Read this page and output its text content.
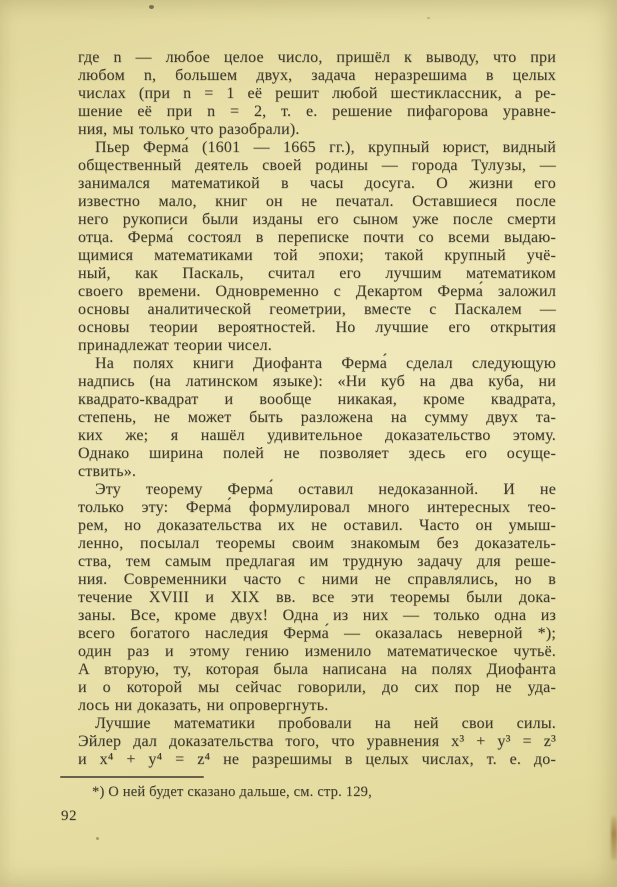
где n — любое целое число, пришёл к выводу, что при
любом n, большем двух, задача неразрешима в целых
числах (при n = 1 её решит любой шестиклассник, а ре-
шение её при n = 2, т. е. решение пифагорова уравне-
ния, мы только что разобрали).
Пьер Ферма́ (1601 — 1665 гг.), крупный юрист, видный
общественный деятель своей родины — города Тулузы, —
занимался математикой в часы досуга. О жизни его
известно мало, книг он не печатал. Оставшиеся после
него рукописи были изданы его сыном уже после смерти
отца. Ферма́ состоял в переписке почти со всеми выдаю-
щимися математиками той эпохи; такой крупный учё-
ный, как Паскаль, считал его лучшим математиком
своего времени. Одновременно с Декартом Ферма́ заложил
основы аналитической геометрии, вместе с Паскалем —
основы теории вероятностей. Но лучшие его открытия
принадлежат теории чисел.
На полях книги Диофанта Ферма́ сделал следующую
надпись (на латинском языке): «Ни куб на два куба, ни
квадрато-квадрат и вообще никакая, кроме квадрата,
степень, не может быть разложена на сумму двух та-
ких же; я нашёл удивительное доказательство этому.
Однако ширина полей не позволяет здесь его осуще-
ствить».
Эту теорему Ферма́ оставил недоказанной. И не
только эту: Ферма́ формулировал много интересных тео-
рем, но доказательства их не оставил. Часто он умыш-
ленно, посылал теоремы своим знакомым без доказатель-
ства, тем самым предлагая им трудную задачу для реше-
ния. Современники часто с ними не справлялись, но в
течение XVIII и XIX вв. все эти теоремы были дока-
заны. Все, кроме двух! Одна из них — только одна из
всего богатого наследия Ферма́ — оказалась неверной *);
один раз и этому гению изменило математическое чутьё.
А вторую, ту, которая была написана на полях Диофанта
и о которой мы сейчас говорили, до сих пор не уда-
лось ни доказать, ни опровергнуть.
Лучшие математики пробовали на ней свои силы.
Эйлер дал доказательства того, что уравнения x³ + y³ = z³
и x⁴ + y⁴ = z⁴ не разрешимы в целых числах, т. е. до-
*) О ней будет сказано дальше, см. стр. 129,
92
